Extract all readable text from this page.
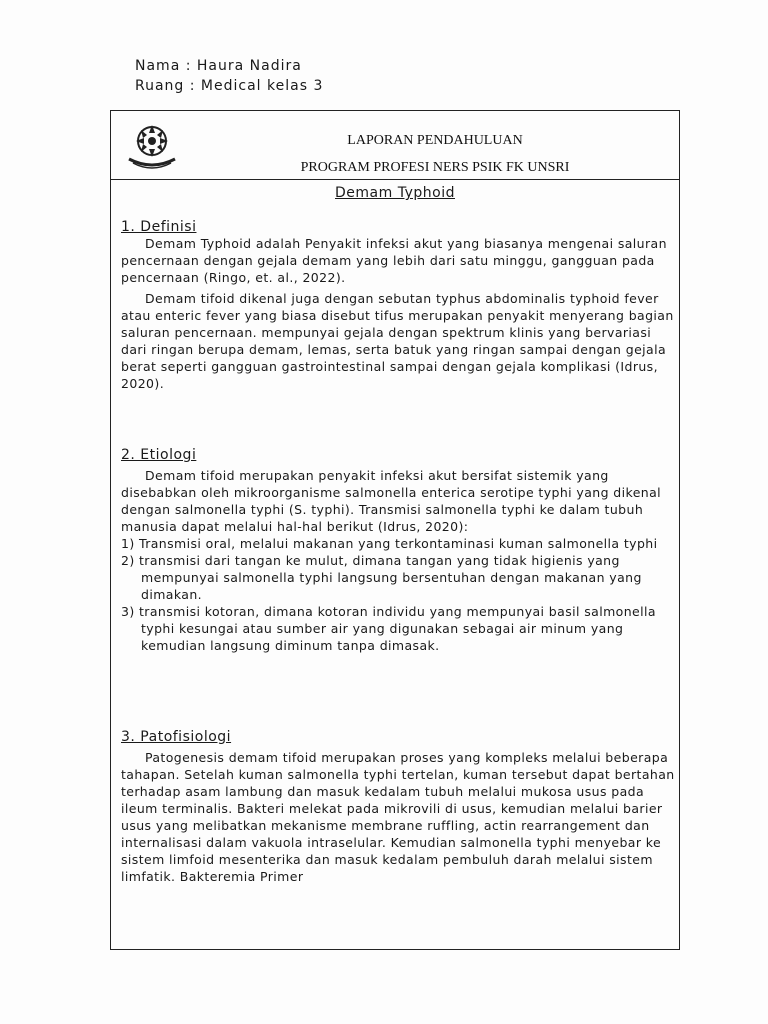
Nama : Haura Nadira
Ruang : Medical kelas 3
LAPORAN PENDAHULUAN
PROGRAM PROFESI NERS PSIK FK UNSRI
Demam Typhoid
1. Definisi

Demam Typhoid adalah Penyakit infeksi akut yang biasanya mengenai saluran pencernaan dengan gejala demam yang lebih dari satu minggu, gangguan pada pencernaan (Ringo, et. al., 2022).

Demam tifoid dikenal juga dengan sebutan typhus abdominalis typhoid fever atau enteric fever yang biasa disebut tifus merupakan penyakit menyerang bagian saluran pencernaan. mempunyai gejala dengan spektrum klinis yang bervariasi dari ringan berupa demam, lemas, serta batuk yang ringan sampai dengan gejala berat seperti gangguan gastrointestinal sampai dengan gejala komplikasi (Idrus, 2020).

2. Etiologi

Demam tifoid merupakan penyakit infeksi akut bersifat sistemik yang disebabkan oleh mikroorganisme salmonella enterica serotipe typhi yang dikenal dengan salmonella typhi (S. typhi). Transmisi salmonella typhi ke dalam tubuh manusia dapat melalui hal-hal berikut (Idrus, 2020):

1) Transmisi oral, melalui makanan yang terkontaminasi kuman salmonella typhi
2) transmisi dari tangan ke mulut, dimana tangan yang tidak higienis yang mempunyai salmonella typhi langsung bersentuhan dengan makanan yang dimakan.
3) transmisi kotoran, dimana kotoran individu yang mempunyai basil salmonella typhi kesungai atau sumber air yang digunakan sebagai air minum yang kemudian langsung diminum tanpa dimasak.
3. Patofisiologi

Patogenesis demam tifoid merupakan proses yang kompleks melalui beberapa tahapan. Setelah kuman salmonella typhi tertelan, kuman tersebut dapat bertahan terhadap asam lambung dan masuk kedalam tubuh melalui mukosa usus pada ileum terminalis. Bakteri melekat pada mikrovili di usus, kemudian melalui barier usus yang melibatkan mekanisme membrane ruffling, actin rearrangement dan internalisasi dalam vakuola intraselular. Kemudian salmonella typhi menyebar ke sistem limfoid mesenterika dan masuk kedalam pembuluh darah melalui sistem limfatik. Bakteremia Primer
